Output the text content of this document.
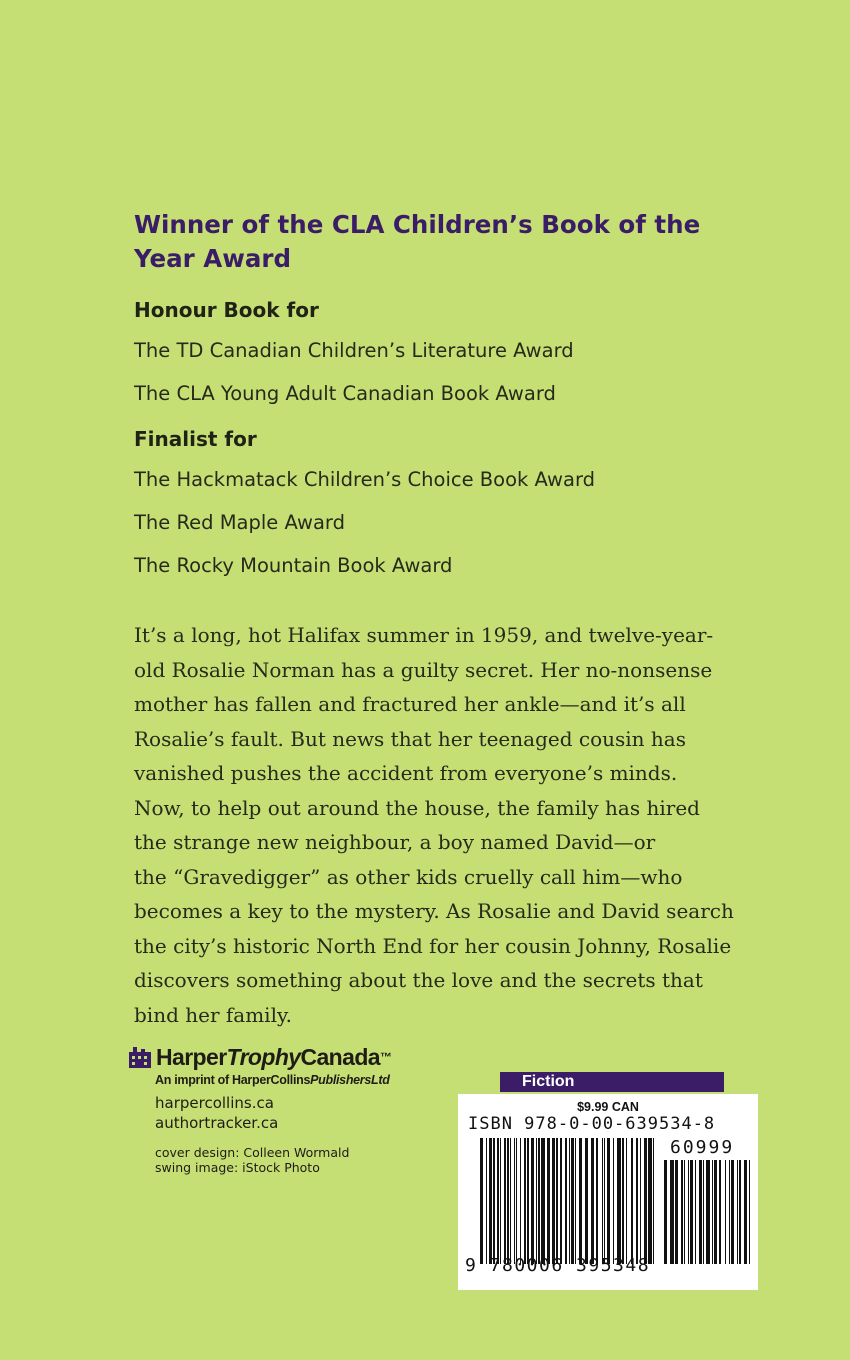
Winner of the CLA Children’s Book of the Year Award
Honour Book for

The TD Canadian Children’s Literature Award

The CLA Young Adult Canadian Book Award

Finalist for

The Hackmatack Children’s Choice Book Award

The Red Maple Award

The Rocky Mountain Book Award

It’s a long, hot Halifax summer in 1959, and twelve-year-
old Rosalie Norman has a guilty secret. Her no-nonsense
mother has fallen and fractured her ankle—and it’s all
Rosalie’s fault. But news that her teenaged cousin has
vanished pushes the accident from everyone’s minds.
Now, to help out around the house, the family has hired
the strange new neighbour, a boy named David—or
the “Gravedigger” as other kids cruelly call him—who
becomes a key to the mystery. As Rosalie and David search
the city’s historic North End for her cousin Johnny, Rosalie
discovers something about the love and the secrets that
bind her family.

HarperTrophyCanada™
An imprint of HarperCollinsPublishersLtd
harpercollins.ca
authortracker.ca
cover design: Colleen Wormald
swing image: iStock Photo
Fiction
$9.99 CAN
ISBN 978-0-00-639534-8
60999
9 780006 395348
